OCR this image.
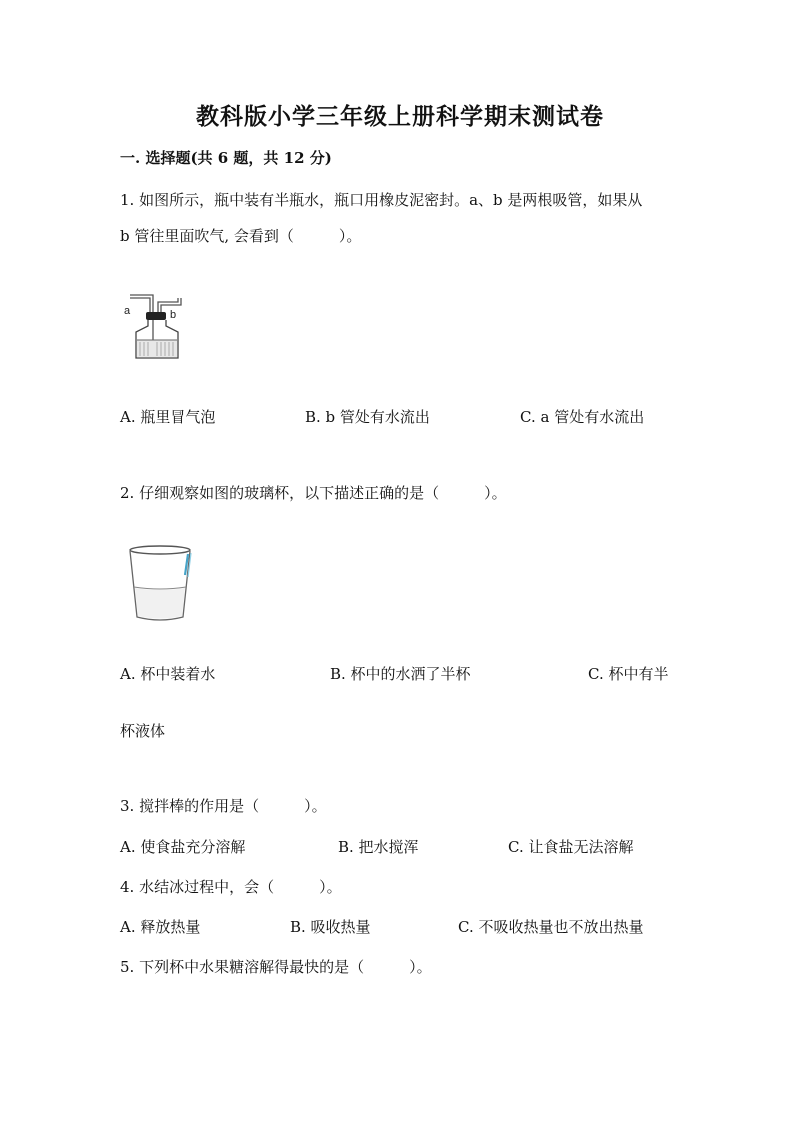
教科版小学三年级上册科学期末测试卷
一. 选择题(共 6 题，共 12 分)
1. 如图所示，瓶中装有半瓶水，瓶口用橡皮泥密封。a、b 是两根吸管，如果从
b 管往里面吹气, 会看到（　　　）。
a	b
A. 瓶里冒气泡	B. b 管处有水流出	C. a 管处有水流出
2. 仔细观察如图的玻璃杯，以下描述正确的是（　　　）。
A. 杯中装着水	B. 杯中的水洒了半杯	C. 杯中有半
杯液体
3. 搅拌棒的作用是（　　　）。
A. 使食盐充分溶解	B. 把水搅浑	C. 让食盐无法溶解
4. 水结冰过程中，会（　　　）。
A. 释放热量	B. 吸收热量	C. 不吸收热量也不放出热量
5. 下列杯中水果糖溶解得最快的是（　　　）。
